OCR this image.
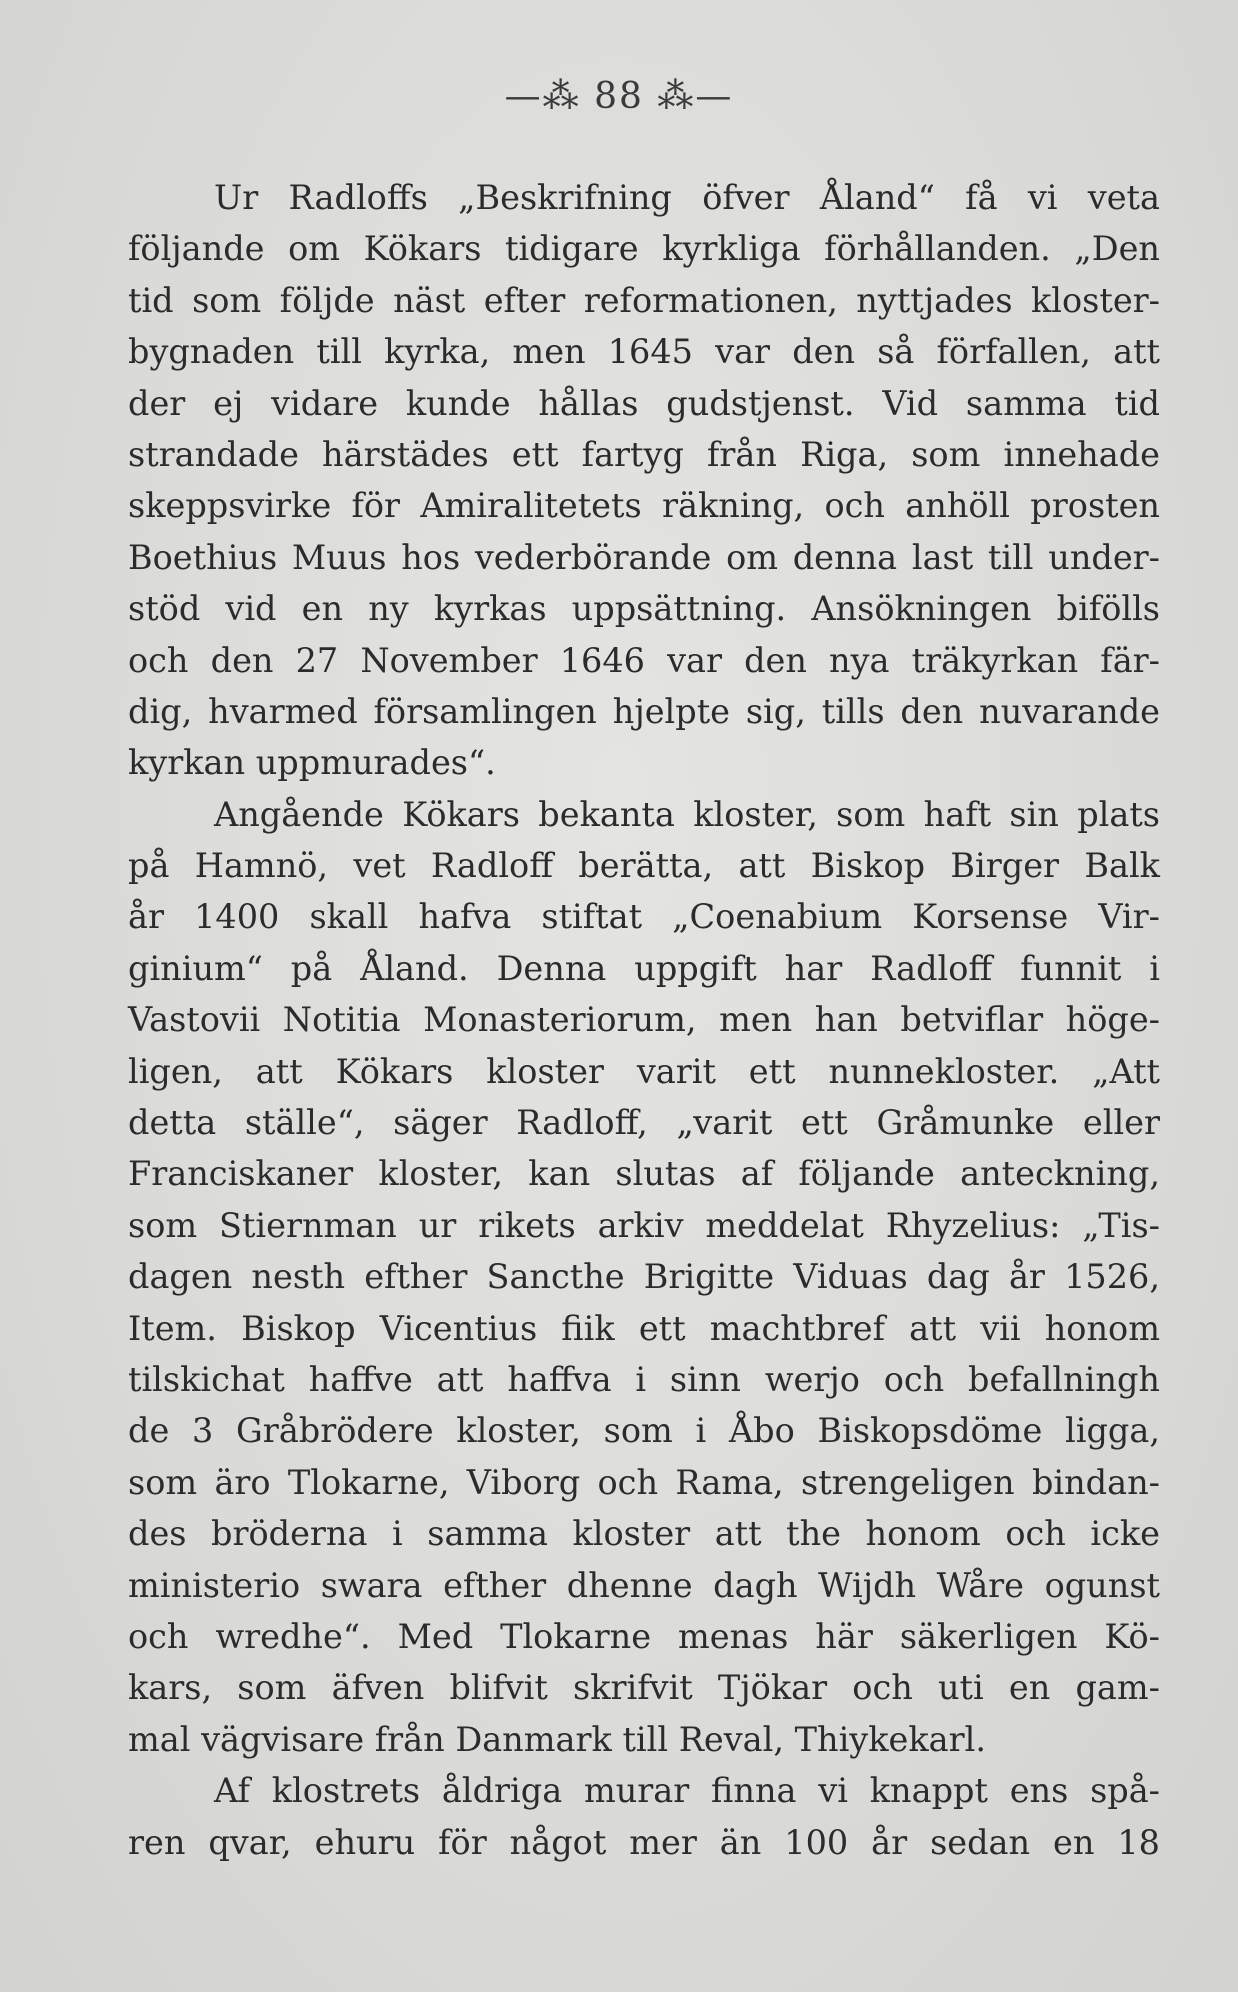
—⁂ 88 ⁂—
Ur Radloffs „Beskrifning öfver Åland“ få vi veta
följande om Kökars tidigare kyrkliga förhållanden. „Den
tid som följde näst efter reformationen, nyttjades kloster-
bygnaden till kyrka, men 1645 var den så förfallen, att
der ej vidare kunde hållas gudstjenst. Vid samma tid
strandade härstädes ett fartyg från Riga, som innehade
skeppsvirke för Amiralitetets räkning, och anhöll prosten
Boethius Muus hos vederbörande om denna last till under-
stöd vid en ny kyrkas uppsättning. Ansökningen bifölls
och den 27 November 1646 var den nya träkyrkan fär-
dig, hvarmed församlingen hjelpte sig, tills den nuvarande
kyrkan uppmurades“.
Angående Kökars bekanta kloster, som haft sin plats
på Hamnö, vet Radloff berätta, att Biskop Birger Balk
år 1400 skall hafva stiftat „Coenabium Korsense Vir-
ginium“ på Åland. Denna uppgift har Radloff funnit i
Vastovii Notitia Monasteriorum, men han betviflar höge-
ligen, att Kökars kloster varit ett nunnekloster. „Att
detta ställe“, säger Radloff, „varit ett Gråmunke eller
Franciskaner kloster, kan slutas af följande anteckning,
som Stiernman ur rikets arkiv meddelat Rhyzelius: „Tis-
dagen nesth efther Sancthe Brigitte Viduas dag år 1526,
Item. Biskop Vicentius fiik ett machtbref att vii honom
tilskichat haffve att haffva i sinn werjo och befallningh
de 3 Gråbrödere kloster, som i Åbo Biskopsdöme ligga,
som äro Tlokarne, Viborg och Rama, strengeligen bindan-
des bröderna i samma kloster att the honom och icke
ministerio swara efther dhenne dagh Wijdh Wåre ogunst
och wredhe“. Med Tlokarne menas här säkerligen Kö-
kars, som äfven blifvit skrifvit Tjökar och uti en gam-
mal vägvisare från Danmark till Reval, Thiykekarl.
Af klostrets åldriga murar finna vi knappt ens spå-
ren qvar, ehuru för något mer än 100 år sedan en 18
